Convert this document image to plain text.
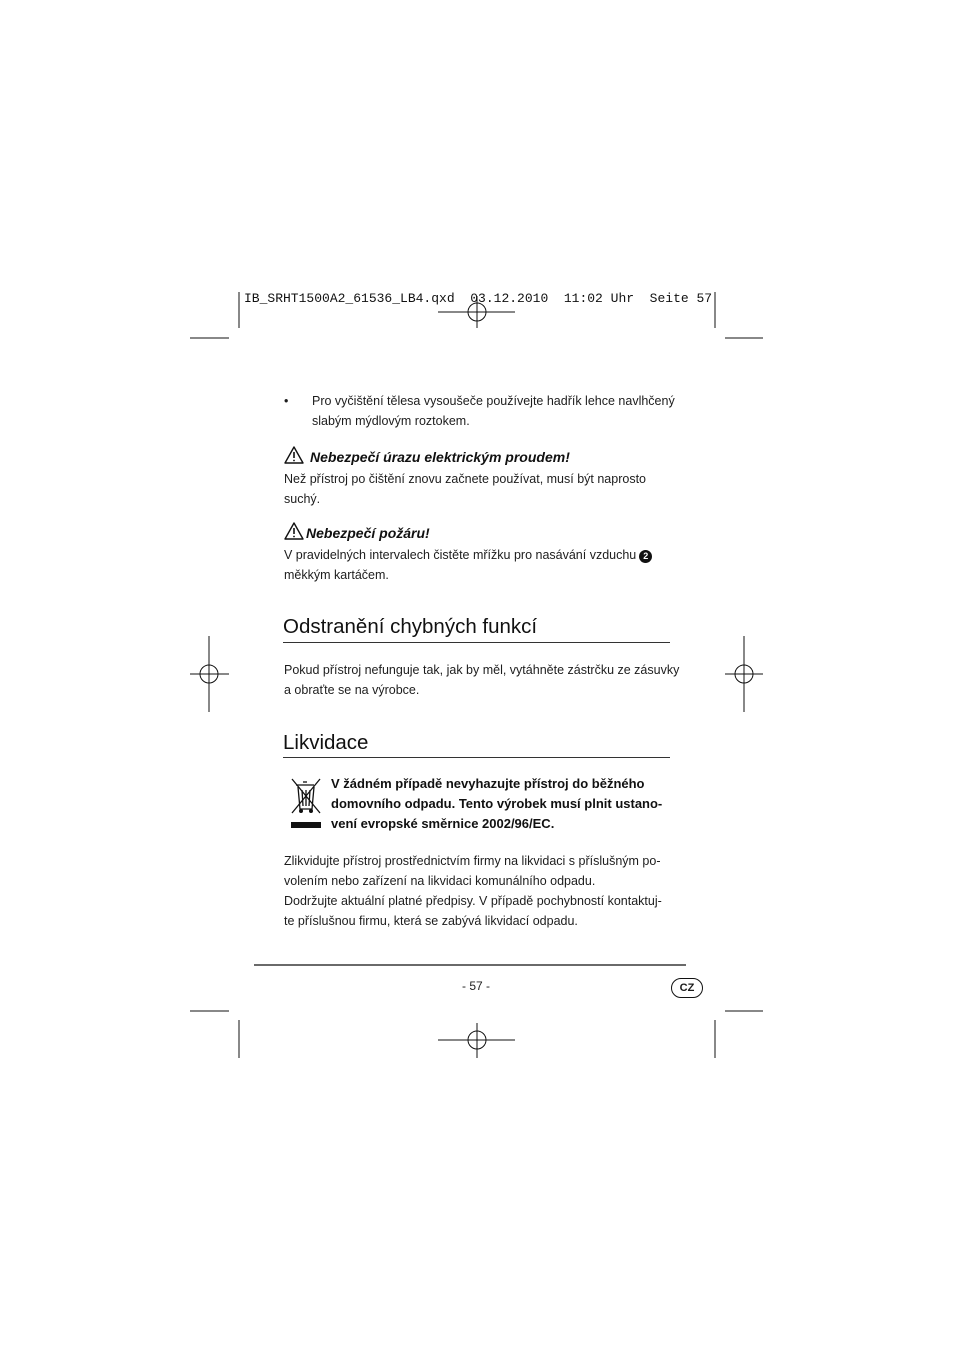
IB_SRHT1500A2_61536_LB4.qxd  03.12.2010  11:02 Uhr  Seite 57
• Pro vyčištění tělesa vysoušeče používejte hadřík lehce navlhčený
slabým mýdlovým roztokem.
Nebezpečí úrazu elektrickým proudem!
Než přístroj po čištění znovu začnete používat, musí být naprosto
suchý.
Nebezpečí požáru!
V pravidelných intervalech čistěte mřížku pro nasávání vzduchu 2
měkkým kartáčem.
Odstranění chybných funkcí
Pokud přístroj nefunguje tak, jak by měl, vytáhněte zástrčku ze zásuvky
a obraťte se na výrobce.
Likvidace
V žádném případě nevyhazujte přístroj do běžného
domovního odpadu. Tento výrobek musí plnit ustano-
vení evropské směrnice 2002/96/EC.
Zlikvidujte přístroj prostřednictvím firmy na likvidaci s příslušným po-
volením nebo zařízení na likvidaci komunálního odpadu.
Dodržujte aktuální platné předpisy. V případě pochybností kontaktuj-
te příslušnou firmu, která se zabývá likvidací odpadu.
- 57 -	CZ
